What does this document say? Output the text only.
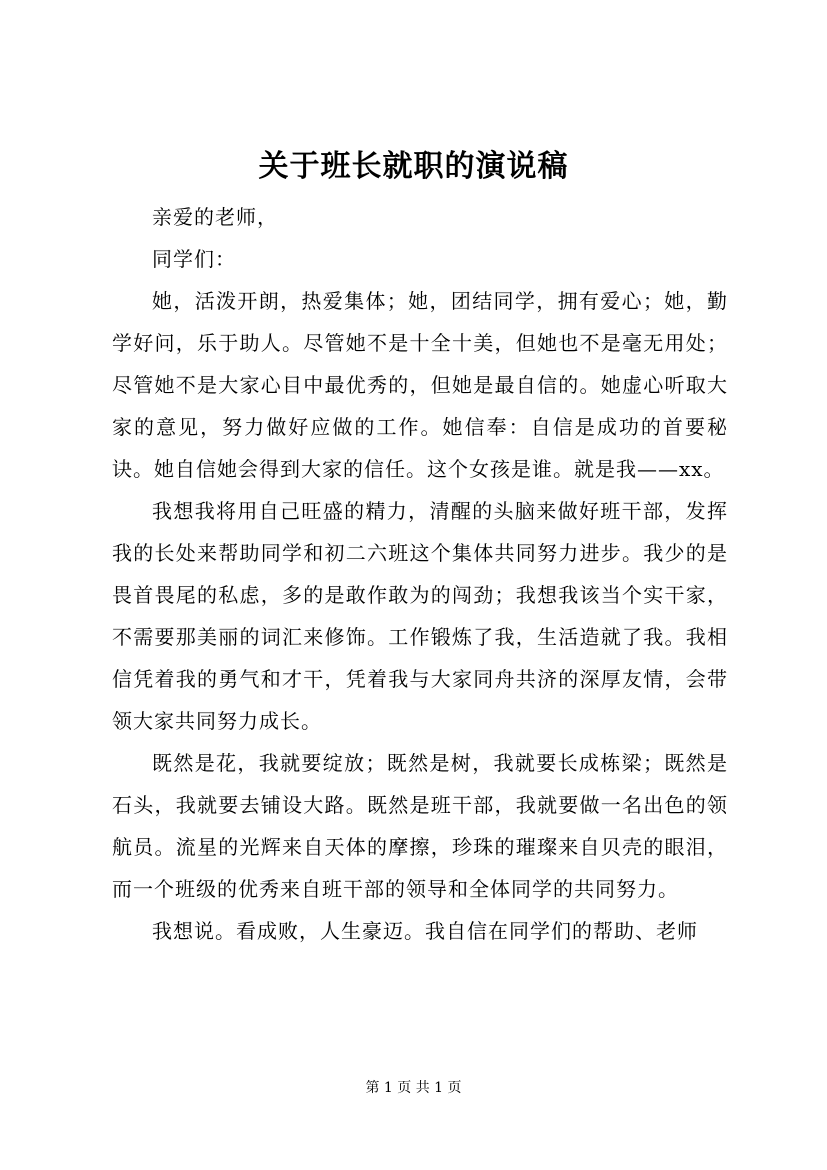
关于班长就职的演说稿

亲爱的老师，

同学们：

她，活泼开朗，热爱集体；她，团结同学，拥有爱心；她，勤学好问，乐于助人。尽管她不是十全十美，但她也不是毫无用处；尽管她不是大家心目中最优秀的，但她是最自信的。她虚心听取大家的意见，努力做好应做的工作。她信奉：自信是成功的首要秘诀。她自信她会得到大家的信任。这个女孩是谁。就是我——xx。

我想我将用自己旺盛的精力，清醒的头脑来做好班干部，发挥我的长处来帮助同学和初二六班这个集体共同努力进步。我少的是畏首畏尾的私虑，多的是敢作敢为的闯劲；我想我该当个实干家，不需要那美丽的词汇来修饰。工作锻炼了我，生活造就了我。我相信凭着我的勇气和才干，凭着我与大家同舟共济的深厚友情，会带领大家共同努力成长。

既然是花，我就要绽放；既然是树，我就要长成栋梁；既然是石头，我就要去铺设大路。既然是班干部，我就要做一名出色的领航员。流星的光辉来自天体的摩擦，珍珠的璀璨来自贝壳的眼泪，而一个班级的优秀来自班干部的领导和全体同学的共同努力。

我想说。看成败，人生豪迈。我自信在同学们的帮助、老师

第 1 页 共 1 页
